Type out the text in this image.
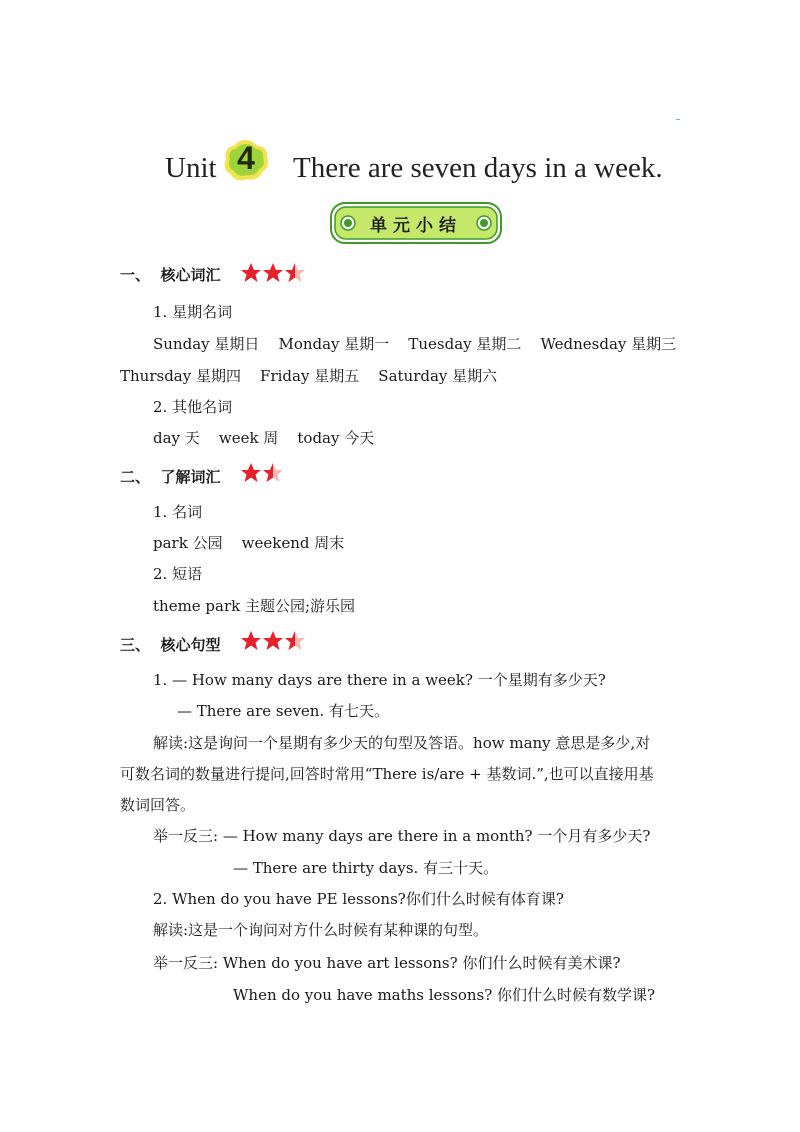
Unit 4	There are seven days in a week.
单元小结
一、  核心词汇
1. 星期名词
Sunday 星期日    Monday 星期一    Tuesday 星期二    Wednesday 星期三
Thursday 星期四    Friday 星期五    Saturday 星期六
2. 其他名词
day 天    week 周    today 今天
二、  了解词汇
1. 名词
park 公园    weekend 周末
2. 短语
theme park 主题公园;游乐园
三、  核心句型
1. — How many days are there in a week? 一个星期有多少天?
— There are seven. 有七天。
解读:这是询问一个星期有多少天的句型及答语。how many 意思是多少,对
可数名词的数量进行提问,回答时常用“There is/are + 基数词.”,也可以直接用基
数词回答。
举一反三: — How many days are there in a month? 一个月有多少天?
— There are thirty days. 有三十天。
2. When do you have PE lessons?你们什么时候有体育课?
解读:这是一个询问对方什么时候有某种课的句型。
举一反三: When do you have art lessons? 你们什么时候有美术课?
When do you have maths lessons? 你们什么时候有数学课?
